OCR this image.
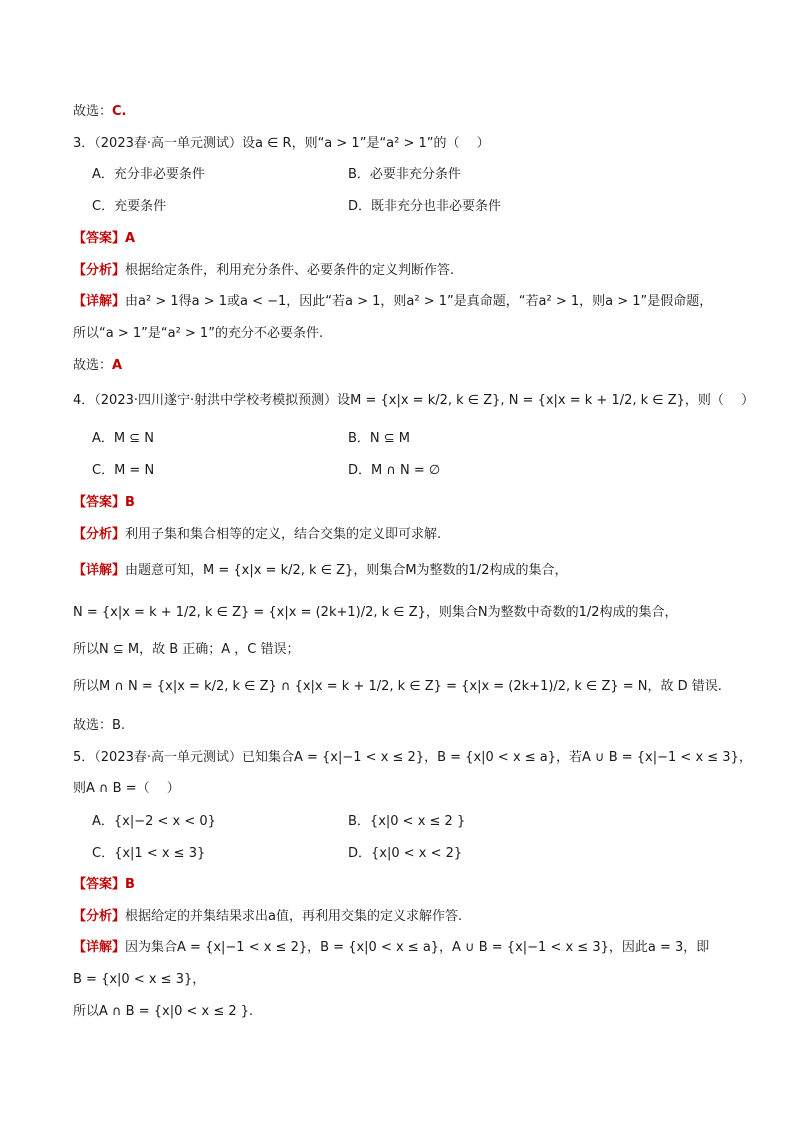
故选：C.
3．（2023春·高一单元测试）设a ∈ R，则“a > 1”是“a² > 1”的（　 ）
A．充分非必要条件	B．必要非充分条件
C．充要条件	D．既非充分也非必要条件
【答案】A
【分析】根据给定条件，利用充分条件、必要条件的定义判断作答.
【详解】由a² > 1得a > 1或a < −1，因此“若a > 1，则a² > 1”是真命题，“若a² > 1，则a > 1”是假命题，
所以“a > 1”是“a² > 1”的充分不必要条件.
故选：A
4．（2023·四川遂宁·射洪中学校考模拟预测）设M = {x|x = k/2, k ∈ Z}, N = {x|x = k + 1/2, k ∈ Z}，则（　 ）
A．M ⊆ N	B．N ⊆ M
C．M = N	D．M ∩ N = ∅
【答案】B
【分析】利用子集和集合相等的定义，结合交集的定义即可求解.
【详解】由题意可知，M = {x|x = k/2, k ∈ Z}，则集合M为整数的1/2构成的集合，
N = {x|x = k + 1/2, k ∈ Z} = {x|x = (2k+1)/2, k ∈ Z}，则集合N为整数中奇数的1/2构成的集合，
所以N ⊆ M，故 B 正确；A ，C 错误；
所以M ∩ N = {x|x = k/2, k ∈ Z} ∩ {x|x = k + 1/2, k ∈ Z} = {x|x = (2k+1)/2, k ∈ Z} = N，故 D 错误.
故选：B.
5．（2023春·高一单元测试）已知集合A = {x|−1 < x ≤ 2}，B = {x|0 < x ≤ a}，若A ∪ B = {x|−1 < x ≤ 3}，
则A ∩ B =（　 ）
A．{x|−2 < x < 0}	B．{x|0 < x ≤ 2 }
C．{x|1 < x ≤ 3}	D．{x|0 < x < 2}
【答案】B
【分析】根据给定的并集结果求出a值，再利用交集的定义求解作答.
【详解】因为集合A = {x|−1 < x ≤ 2}，B = {x|0 < x ≤ a}，A ∪ B = {x|−1 < x ≤ 3}，因此a = 3，即
B = {x|0 < x ≤ 3}，
所以A ∩ B = {x|0 < x ≤ 2 }.
